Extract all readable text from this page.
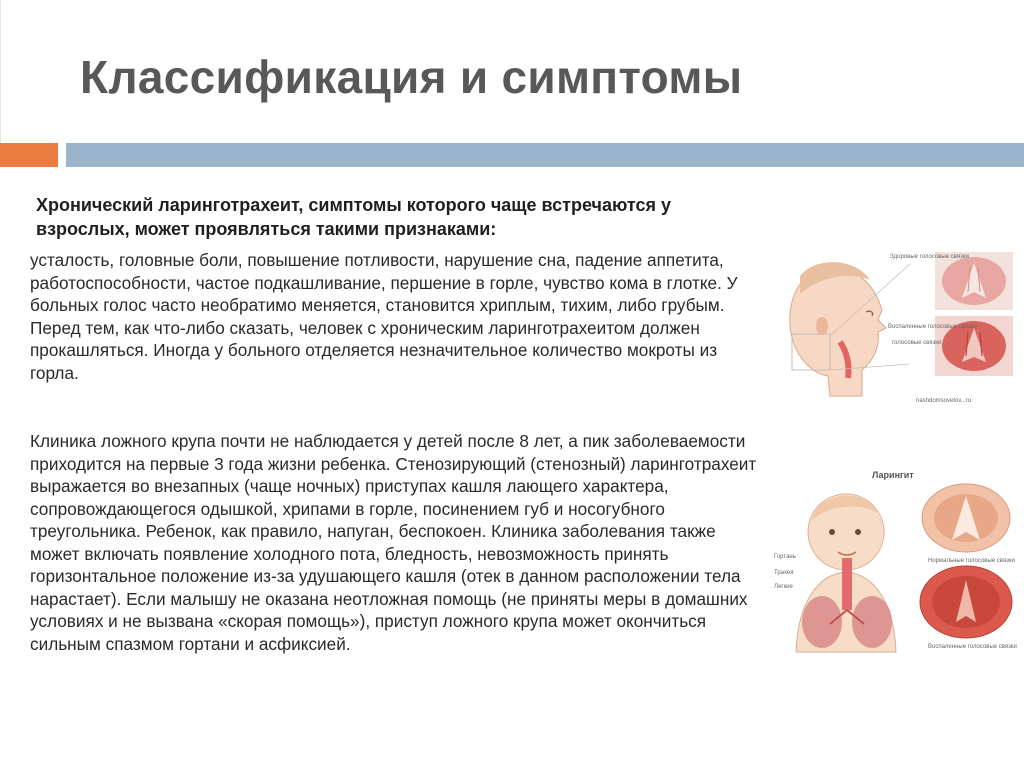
Классификация и симптомы

Хронический ларинготрахеит, симптомы которого чаще встречаются у взрослых, может проявляться такими признаками:

усталость, головные боли, повышение потливости, нарушение сна, падение аппетита, работоспособности, частое подкашливание, першение в горле, чувство кома в глотке. У больных голос часто необратимо меняется, становится хриплым, тихим, либо грубым. Перед тем, как что-либо сказать, человек с хроническим ларинготрахеитом должен прокашляться. Иногда у больного отделяется незначительное количество мокроты из горла.

Клиника ложного крупа почти не наблюдается у детей после 8 лет, а пик заболеваемости приходится на первые 3 года жизни ребенка. Стенозирующий (стенозный) ларинготрахеит выражается во внезапных (чаще ночных) приступах кашля лающего характера, сопровождающегося одышкой, хрипами в горле, посинением губ и носогубного треугольника. Ребенок, как правило, напуган, беспокоен. Клиника заболевания также может включать появление холодного пота, бледность, невозможность принять горизонтальное положение из-за удушающего кашля (отек в данном расположении тела нарастает). Если малышу не оказана неотложная помощь (не приняты меры в домашних условиях и не вызвана «скорая помощь»), приступ ложного крупа может окончиться сильным спазмом гортани и асфиксией.

Здоровые голосовые связки
Воспаленные голосовые связки
голосовые связки
nashdomsovetov...ru
Ларингит
Гортань
Трахея
Легкие
Нормальные голосовые связки
Воспаленные голосовые связки
